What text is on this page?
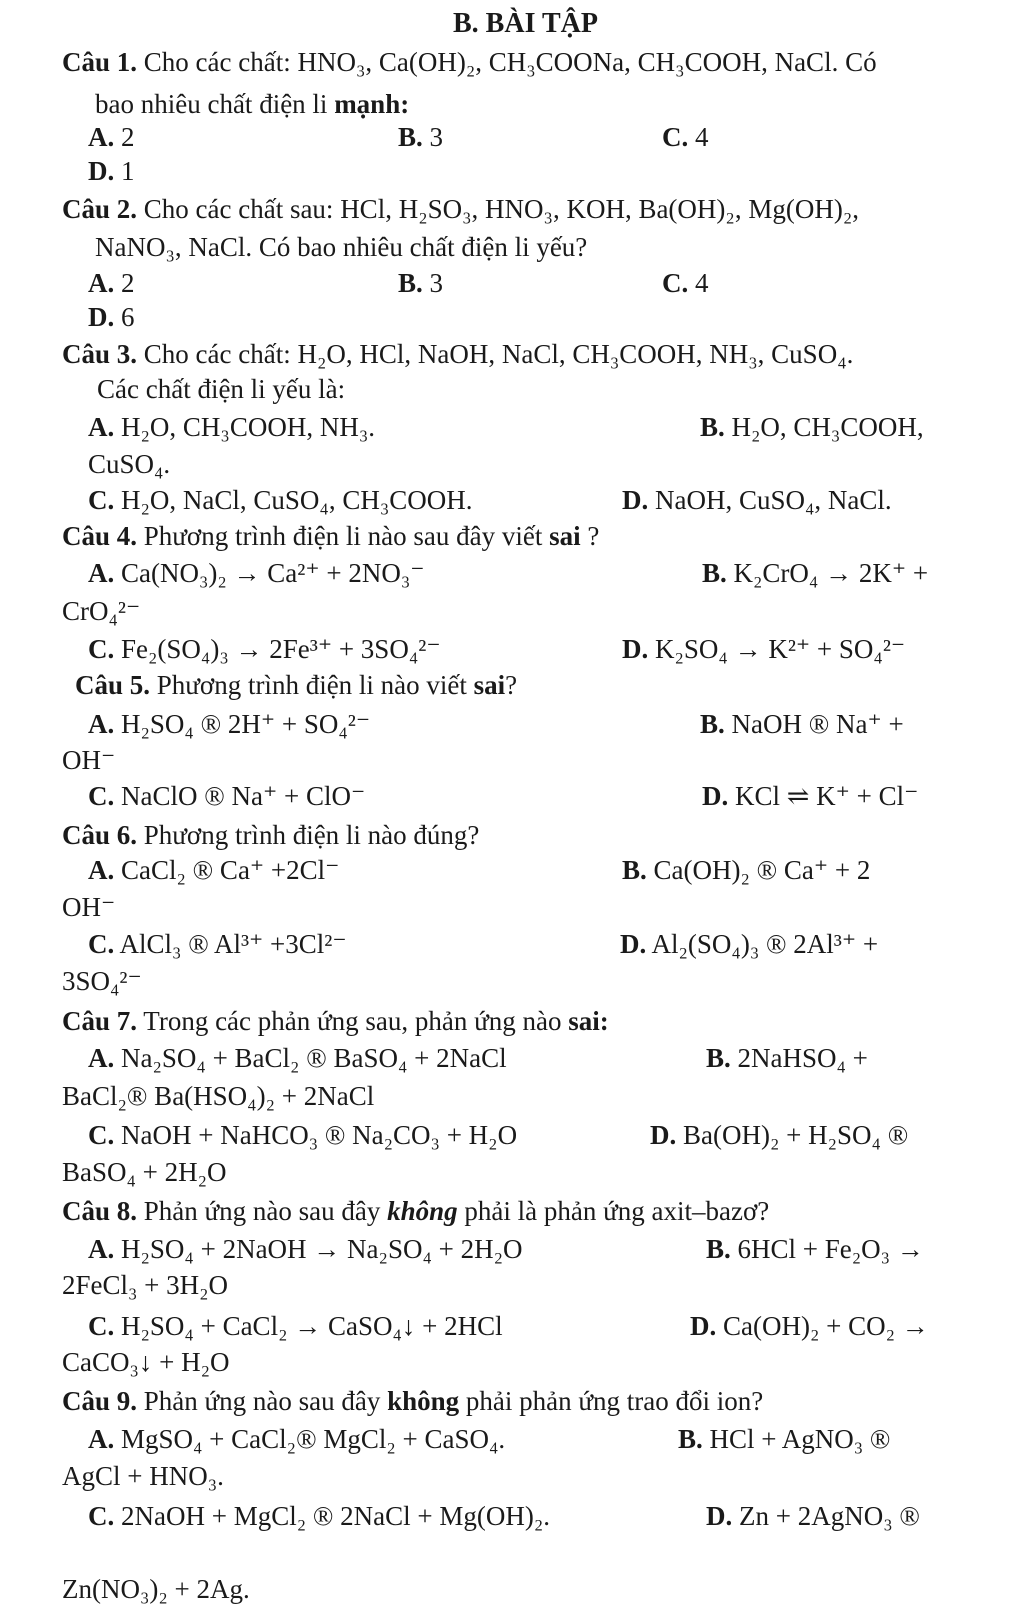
B. BÀI TẬP
Câu 1. Cho các chất: HNO₃, Ca(OH)₂, CH₃COONa, CH₃COOH, NaCl. Có
bao nhiêu chất điện li mạnh:
A. 2	B. 3	C. 4
D. 1
Câu 2. Cho các chất sau: HCl, H₂SO₃, HNO₃, KOH, Ba(OH)₂, Mg(OH)₂,
NaNO₃, NaCl. Có bao nhiêu chất điện li yếu?
A. 2	B. 3	C. 4
D. 6
Câu 3. Cho các chất: H₂O, HCl, NaOH, NaCl, CH₃COOH, NH₃, CuSO₄.
Các chất điện li yếu là:
A. H₂O, CH₃COOH, NH₃.	B. H₂O, CH₃COOH,
CuSO₄.
C. H₂O, NaCl, CuSO₄, CH₃COOH.	D. NaOH, CuSO₄, NaCl.
Câu 4. Phương trình điện li nào sau đây viết sai ?
A. Ca(NO₃)₂ → Ca²⁺ + 2NO₃⁻	B. K₂CrO₄ → 2K⁺ +
CrO₄²⁻
C. Fe₂(SO₄)₃ → 2Fe³⁺ + 3SO₄²⁻	D. K₂SO₄ → K²⁺ + SO₄²⁻
Câu 5. Phương trình điện li nào viết sai?
A. H₂SO₄ ® 2H⁺ + SO₄²⁻	B. NaOH ® Na⁺ +
OH⁻
C. NaClO ® Na⁺ + ClO⁻	D. KCl ⇌ K⁺ + Cl⁻
Câu 6. Phương trình điện li nào đúng?
A. CaCl₂ ® Ca⁺ +2Cl⁻	B. Ca(OH)₂ ® Ca⁺ + 2
OH⁻
C. AlCl₃ ® Al³⁺ +3Cl²⁻	D. Al₂(SO₄)₃ ® 2Al³⁺ +
3SO₄²⁻
Câu 7. Trong các phản ứng sau, phản ứng nào sai:
A. Na₂SO₄ + BaCl₂ ® BaSO₄ + 2NaCl	B. 2NaHSO₄ +
BaCl₂® Ba(HSO₄)₂ + 2NaCl
C. NaOH + NaHCO₃ ® Na₂CO₃ + H₂O	D. Ba(OH)₂ + H₂SO₄ ®
BaSO₄ + 2H₂O
Câu 8. Phản ứng nào sau đây không phải là phản ứng axit–bazơ?
A. H₂SO₄ + 2NaOH → Na₂SO₄ + 2H₂O	B. 6HCl + Fe₂O₃ →
2FeCl₃ + 3H₂O
C. H₂SO₄ + CaCl₂ → CaSO₄↓ + 2HCl	D. Ca(OH)₂ + CO₂ →
CaCO₃↓ + H₂O
Câu 9. Phản ứng nào sau đây không phải phản ứng trao đổi ion?
A. MgSO₄ + CaCl₂® MgCl₂ + CaSO₄.	B. HCl + AgNO₃ ®
AgCl + HNO₃.
C. 2NaOH + MgCl₂ ® 2NaCl + Mg(OH)₂.	D. Zn + 2AgNO₃ ®
Zn(NO₃)₂ + 2Ag.
